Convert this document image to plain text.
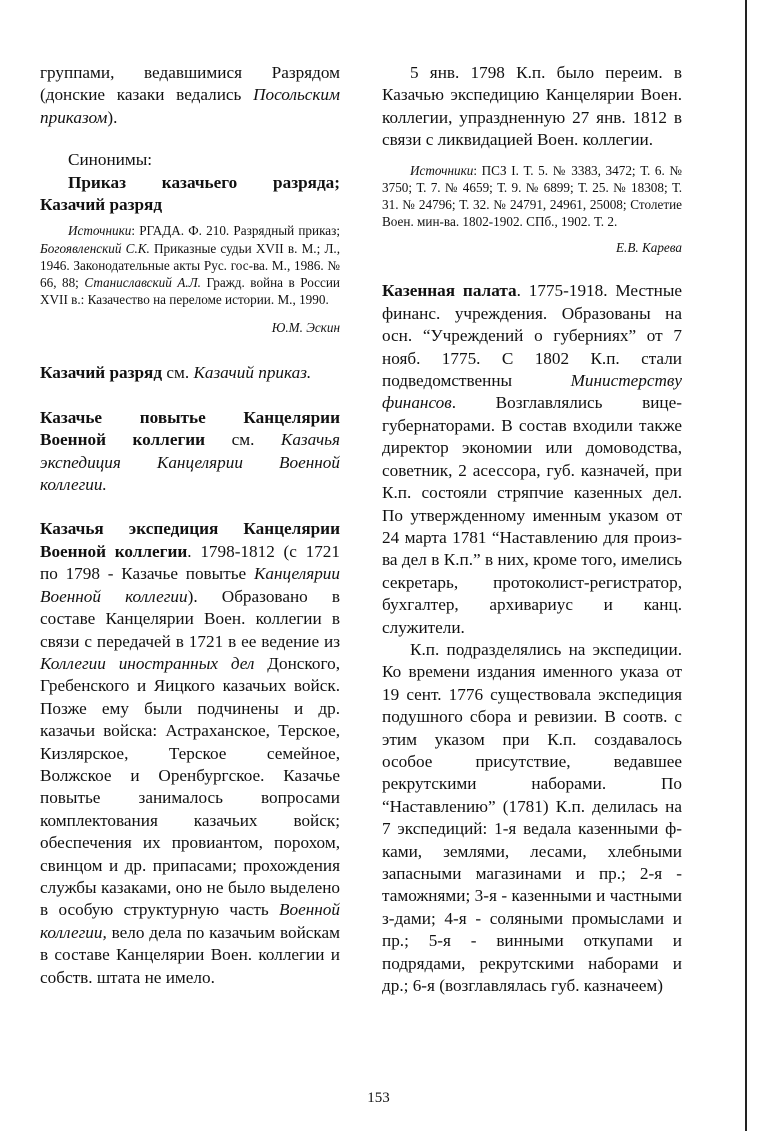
группами, ведавшимися Разрядом (донские казаки ведались Посольским приказом).

Синонимы:

Приказ казачьего разряда; Казачий разряд

Источники: РГАДА. Ф. 210. Разрядный приказ; Богоявленский С.К. Приказные судьи XVII в. М.; Л., 1946. Законодательные акты Рус. гос-ва. М., 1986. № 66, 88; Станиславский А.Л. Гражд. война в России XVII в.: Казачество на переломе истории. М., 1990.

Ю.М. Эскин

Казачий разряд см. Казачий приказ.

Казачье повытье Канцелярии Военной коллегии см. Казачья экспедиция Канцелярии Военной коллегии.

Казачья экспедиция Канцелярии Военной коллегии. 1798-1812 (с 1721 по 1798 - Казачье повытье Канцелярии Военной коллегии). Образовано в составе Канцелярии Воен. коллегии в связи с передачей в 1721 в ее ведение из Коллегии иностранных дел Донского, Гребенского и Яицкого казачьих войск. Позже ему были подчинены и др. казачьи войска: Астраханское, Терское, Кизлярское, Терское семейное, Волжское и Оренбургское. Казачье повытье занималось вопросами комплектования казачьих войск; обеспечения их провиантом, порохом, свинцом и др. припасами; прохождения службы казаками, оно не было выделено в особую структурную часть Военной коллегии, вело дела по казачьим войскам в составе Канцелярии Воен. коллегии и собств. штата не имело.

5 янв. 1798 К.п. было переим. в Казачью экспедицию Канцелярии Воен. коллегии, упраздненную 27 янв. 1812 в связи с ликвидацией Воен. коллегии.

Источники: ПСЗ I. Т. 5. № 3383, 3472; Т. 6. № 3750; Т. 7. № 4659; Т. 9. № 6899; Т. 25. № 18308; Т. 31. № 24796; Т. 32. № 24791, 24961, 25008; Столетие Воен. мин-ва. 1802-1902. СПб., 1902. Т. 2.

Е.В. Карева

Казенная палата. 1775-1918. Местные финанс. учреждения. Образованы на осн. “Учреждений о губерниях” от 7 нояб. 1775. С 1802 К.п. стали подведомственны Министерству финансов. Возглавлялись вице-губернаторами. В состав входили также директор экономии или домоводства, советник, 2 асессора, губ. казначей, при К.п. состояли стряпчие казенных дел. По утвержденному именным указом от 24 марта 1781 “Наставлению для произ-ва дел в К.п.” в них, кроме того, имелись секретарь, протоколист-регистратор, бухгалтер, архивариус и канц. служители.

К.п. подразделялись на экспедиции. Ко времени издания именного указа от 19 сент. 1776 существовала экспедиция подушного сбора и ревизии. В соотв. с этим указом при К.п. создавалось особое присутствие, ведавшее рекрутскими наборами. По “Наставлению” (1781) К.п. делилась на 7 экспедиций: 1-я ведала казенными ф-ками, землями, лесами, хлебными запасными магазинами и пр.; 2-я - таможнями; 3-я - казенными и частными з-дами; 4-я - соляными промыслами и пр.; 5-я - винными откупами и подрядами, рекрутскими наборами и др.; 6-я (возглавлялась губ. казначеем)

153
